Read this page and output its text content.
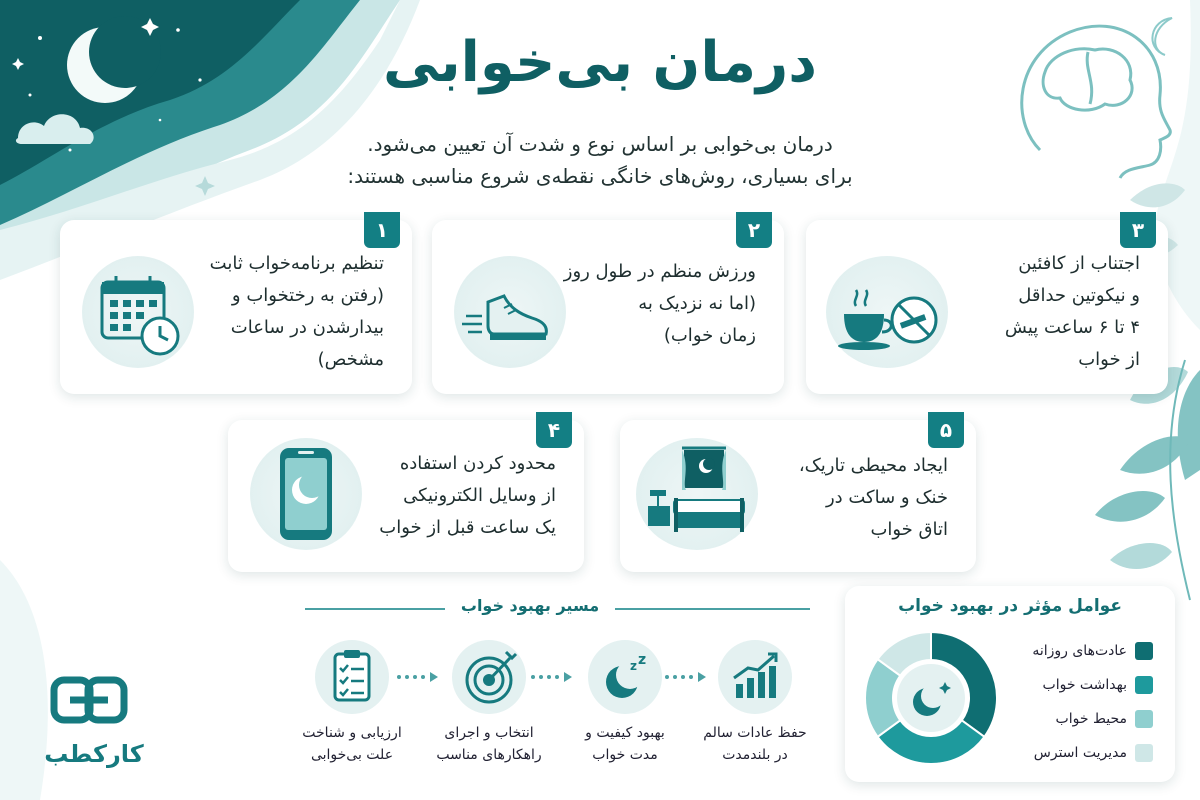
درمان بی‌خوابی
درمان بی‌خوابی بر اساس نوع و شدت آن تعیین می‌شود.
برای بسیاری، روش‌های خانگی نقطه‌ی شروع مناسبی هستند:
۱
تنظیم برنامه‌خواب ثابت
(رفتن به رختخواب و
بیدارشدن در ساعات
مشخص)
۲
ورزش منظم در طول روز
(اما نه نزدیک به
زمان خواب)
۳
اجتناب از کافئین
و نیکوتین حداقل
۴ تا ۶ ساعت پیش
از خواب
۴
محدود کردن استفاده
از وسایل الکترونیکی
یک ساعت قبل از خواب
۵
ایجاد محیطی تاریک،
خنک و ساکت در
اتاق خواب
مسیر بهبود خواب
z z
حفظ عادات سالم
در بلندمدت
بهبود کیفیت و
مدت خواب
انتخاب و اجرای
راهکارهای مناسب
ارزیابی و شناخت
علت بی‌خوابی
عوامل مؤثر در بهبود خواب
عادت‌های روزانه
بهداشت خواب
محیط خواب
مدیریت استرس
کارکطب
